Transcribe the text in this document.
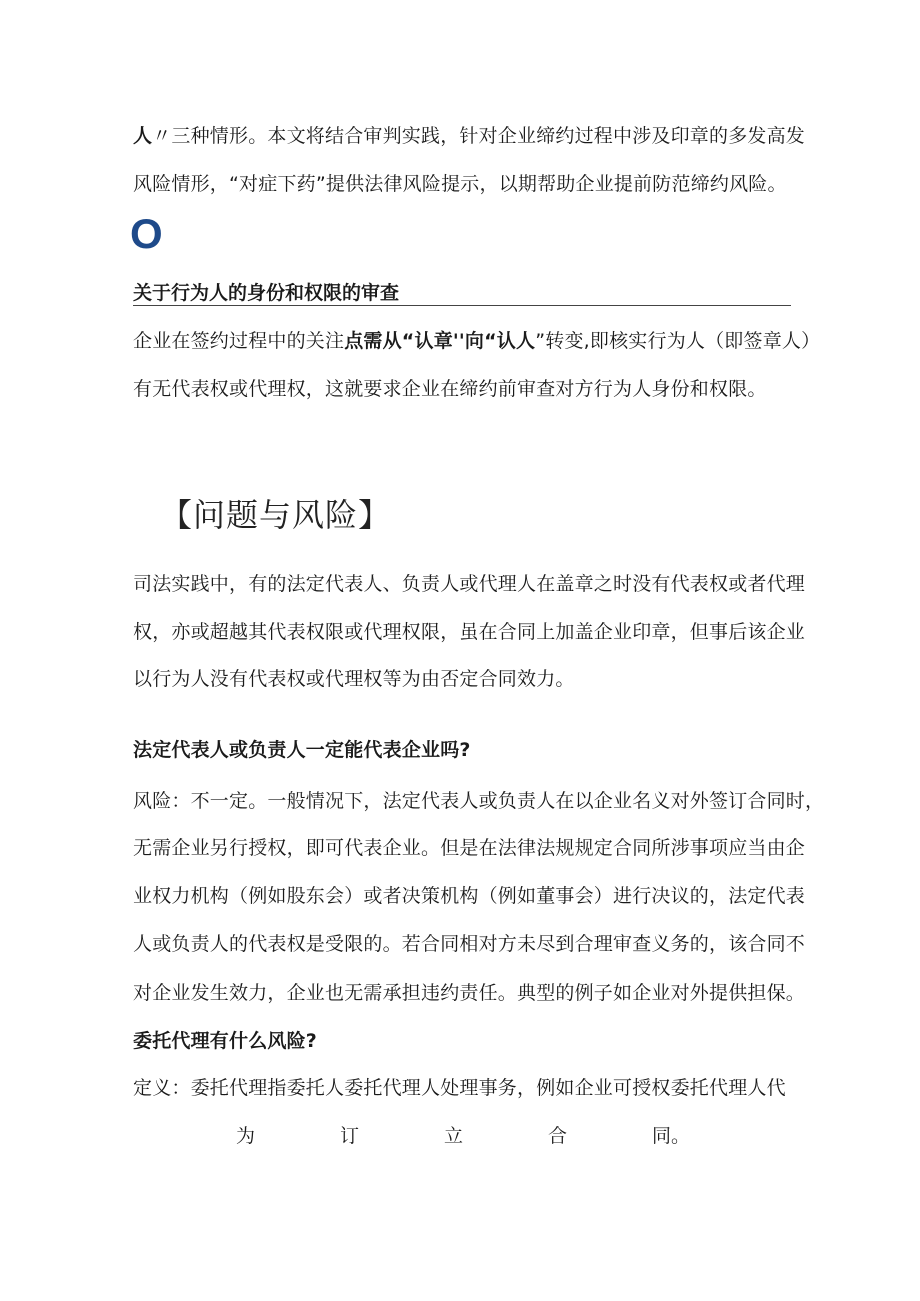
人〃三种情形。本文将结合审判实践，针对企业缔约过程中涉及印章的多发高发
风险情形，“对症下药”提供法律风险提示，以期帮助企业提前防范缔约风险。
O
关于行为人的身份和权限的审查
企业在签约过程中的关注点需从“认章''向“认人”转变,即核实行为人（即签章人）
有无代表权或代理权，这就要求企业在缔约前审查对方行为人身份和权限。
【问题与风险】
司法实践中，有的法定代表人、负责人或代理人在盖章之时没有代表权或者代理
权，亦或超越其代表权限或代理权限，虽在合同上加盖企业印章，但事后该企业
以行为人没有代表权或代理权等为由否定合同效力。
法定代表人或负责人一定能代表企业吗?
风险：不一定。一般情况下，法定代表人或负责人在以企业名义对外签订合同时，
无需企业另行授权，即可代表企业。但是在法律法规规定合同所涉事项应当由企
业权力机构（例如股东会）或者决策机构（例如董事会）进行决议的，法定代表
人或负责人的代表权是受限的。若合同相对方未尽到合理审查义务的，该合同不
对企业发生效力，企业也无需承担违约责任。典型的例子如企业对外提供担保。
委托代理有什么风险?
定义：委托代理指委托人委托代理人处理事务，例如企业可授权委托代理人代
为	订	立	合	同。
